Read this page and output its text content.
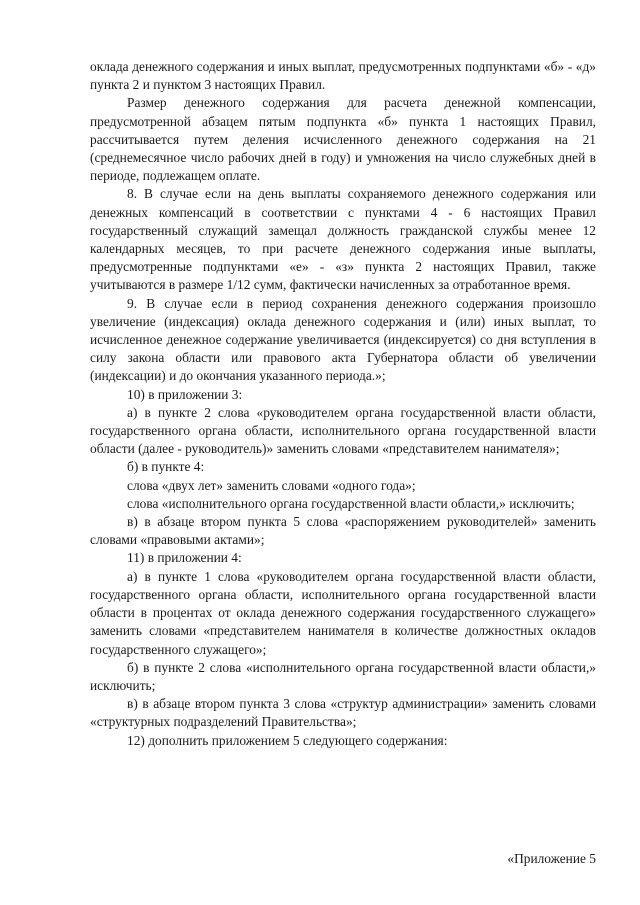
оклада денежного содержания и иных выплат, предусмотренных подпунктами «б» - «д» пункта 2 и пунктом 3 настоящих Правил.

Размер денежного содержания для расчета денежной компенсации, предусмотренной абзацем пятым подпункта «б» пункта 1 настоящих Правил, рассчитывается путем деления исчисленного денежного содержания на 21 (среднемесячное число рабочих дней в году) и умножения на число служебных дней в периоде, подлежащем оплате.

8. В случае если на день выплаты сохраняемого денежного содержания или денежных компенсаций в соответствии с пунктами 4 - 6 настоящих Правил государственный служащий замещал должность гражданской службы менее 12 календарных месяцев, то при расчете денежного содержания иные выплаты, предусмотренные подпунктами «е» - «з» пункта 2 настоящих Правил, также учитываются в размере 1/12 сумм, фактически начисленных за отработанное время.

9. В случае если в период сохранения денежного содержания произошло увеличение (индексация) оклада денежного содержания и (или) иных выплат, то исчисленное денежное содержание увеличивается (индексируется) со дня вступления в силу закона области или правового акта Губернатора области об увеличении (индексации) и до окончания указанного периода.»;

10) в приложении 3:

а) в пункте 2 слова «руководителем органа государственной власти области, государственного органа области, исполнительного органа государственной власти области (далее - руководитель)» заменить словами «представителем нанимателя»;

б) в пункте 4:

слова «двух лет» заменить словами «одного года»;

слова «исполнительного органа государственной власти области,» исключить;

в) в абзаце втором пункта 5 слова «распоряжением руководителей» заменить словами «правовыми актами»;

11) в приложении 4:

а) в пункте 1 слова «руководителем органа государственной власти области, государственного органа области, исполнительного органа государственной власти области в процентах от оклада денежного содержания государственного служащего» заменить словами «представителем нанимателя в количестве должностных окладов государственного служащего»;

б) в пункте 2 слова «исполнительного органа государственной власти области,» исключить;

в) в абзаце втором пункта 3 слова «структур администрации» заменить словами «структурных подразделений Правительства»;

12) дополнить приложением 5 следующего содержания:

«Приложение 5
